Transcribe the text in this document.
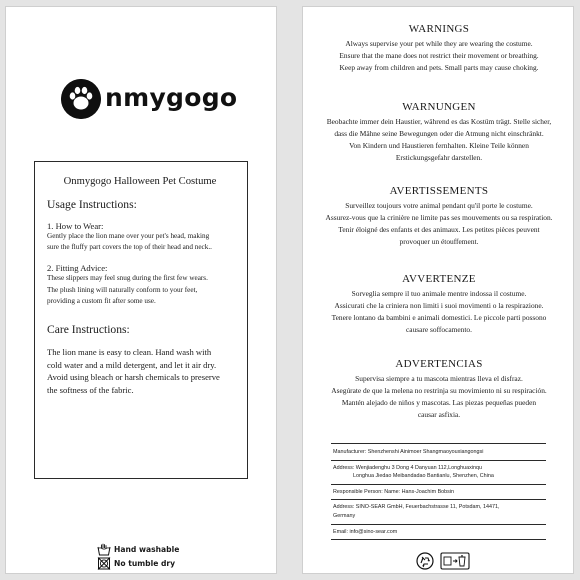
nmygogo
Onmygogo Halloween Pet Costume
Usage Instructions:
1. How to Wear:
Gently place the lion mane over your pet's head, making
sure the fluffy part covers the top of their head and neck..
2. Fitting Advice:
These slippers may feel snug during the first few wears.
The plush lining will naturally conform to your feet,
providing a custom fit after some use.
Care Instructions:
The lion mane is easy to clean. Hand wash with
cold water and a mild detergent, and let it air dry.
Avoid using bleach or harsh chemicals to preserve
the softness of the fabric.
Hand washable
No tumble dry
WARNINGS
Always supervise your pet while they are wearing the costume.
Ensure that the mane does not restrict their movement or breathing.
Keep away from children and pets. Small parts may cause choking.
WARNUNGEN
Beobachte immer dein Haustier, während es das Kostüm trägt. Stelle sicher,
dass die Mähne seine Bewegungen oder die Atmung nicht einschränkt.
Von Kindern und Haustieren fernhalten. Kleine Teile können
Erstickungsgefahr darstellen.
AVERTISSEMENTS
Surveillez toujours votre animal pendant qu'il porte le costume.
Assurez-vous que la crinière ne limite pas ses mouvements ou sa respiration.
Tenir éloigné des enfants et des animaux. Les petites pièces peuvent
provoquer un étouffement.
AVVERTENZE
Sorveglia sempre il tuo animale mentre indossa il costume.
Assicurati che la criniera non limiti i suoi movimenti o la respirazione.
Tenere lontano da bambini e animali domestici. Le piccole parti possono
causare soffocamento.
ADVERTENCIAS
Supervisa siempre a tu mascota mientras lleva el disfraz.
Asegúrate de que la melena no restrinja su movimiento ni su respiración.
Mantén alejado de niños y mascotas. Las piezas pequeñas pueden
causar asfixia.
Manufacturer: Shenzhenshi Ainimoer Shangmaoyouxiangongsi
Address: Wenjiadenghu 3 Dong 4 Danyuan 112,Longhuaxinqu
Longhua Jiedao Meibandadao Bantianlu, Shenzhen, China
Responsible Person: Name: Hans-Joachim Bobsin
Address: SINO-SEAR GmbH, Feuerbachstrasse 11, Potsdam, 14471,
Germany
Email: info@sino-sear.com
